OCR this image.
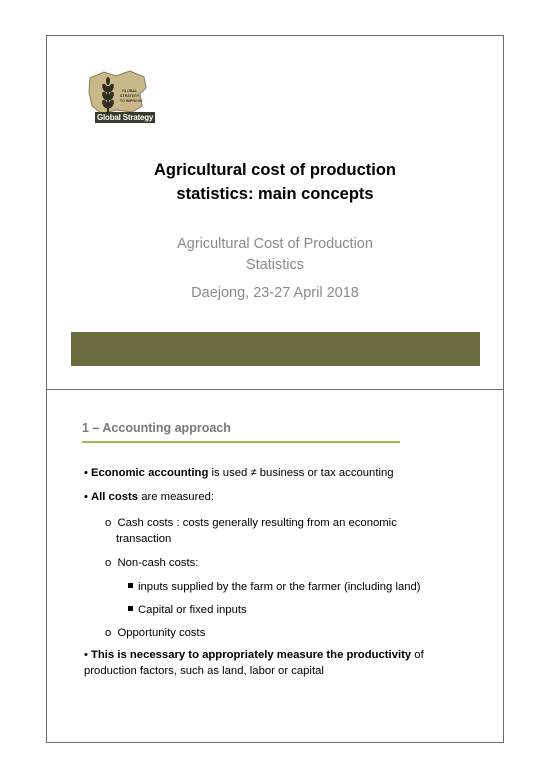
GLOBAL
STRATEGY
TO IMPROVE
Global Strategy
Agricultural cost of production
statistics: main concepts
Agricultural Cost of Production
Statistics
Daejong, 23-27 April 2018
1 – Accounting approach
• Economic accounting is used ≠ business or tax accounting
• All costs are measured:
o Cash costs : costs generally resulting from an economic
transaction
o Non-cash costs:
inputs supplied by the farm or the farmer (including land)
Capital or fixed inputs
o Opportunity costs
• This is necessary to appropriately measure the productivity of
production factors, such as land, labor or capital
